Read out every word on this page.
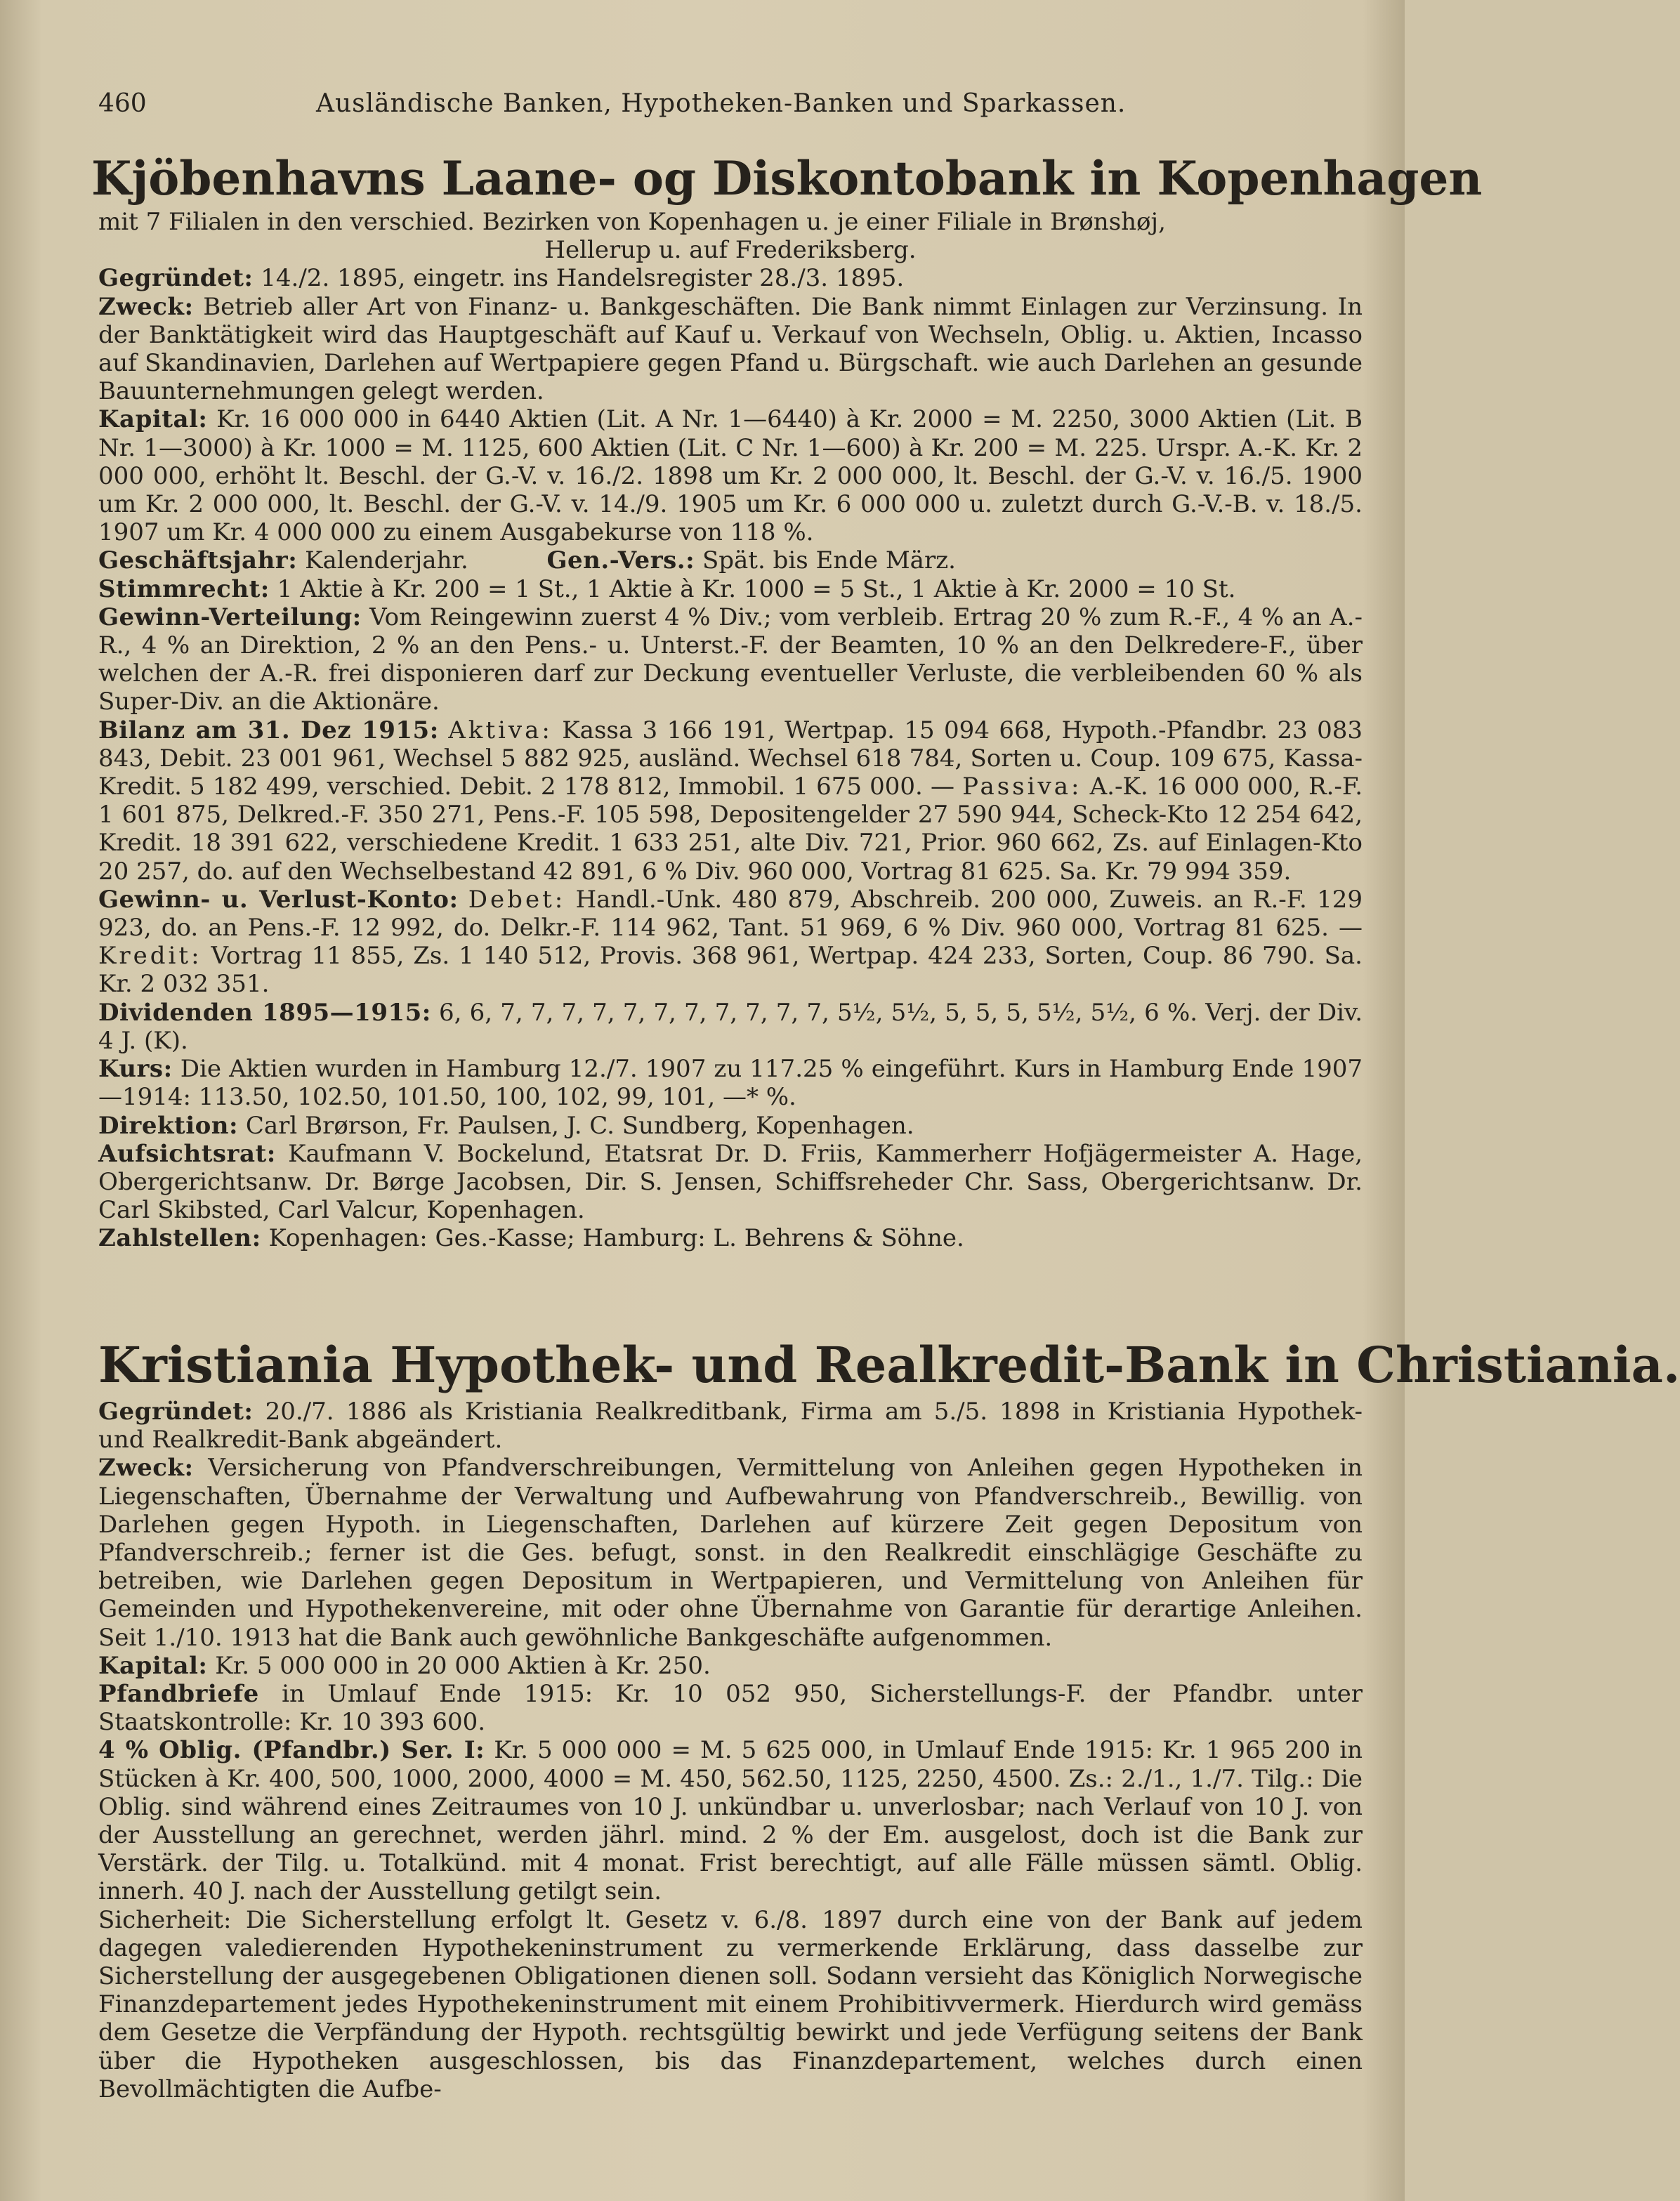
460	Ausländische Banken, Hypotheken-Banken und Sparkassen.
Kjöbenhavns Laane- og Diskontobank in Kopenhagen
mit 7 Filialen in den verschied. Bezirken von Kopenhagen u. je einer Filiale in Brønshøj,
Hellerup u. auf Frederiksberg.
Gegründet: 14./2. 1895, eingetr. ins Handelsregister 28./3. 1895.
Zweck: Betrieb aller Art von Finanz- u. Bankgeschäften. Die Bank nimmt Einlagen zur Verzinsung. In der Banktätigkeit wird das Hauptgeschäft auf Kauf u. Verkauf von Wechseln, Oblig. u. Aktien, Incasso auf Skandinavien, Darlehen auf Wertpapiere gegen Pfand u. Bürgschaft. wie auch Darlehen an gesunde Bauunternehmungen gelegt werden.
Kapital: Kr. 16 000 000 in 6440 Aktien (Lit. A Nr. 1—6440) à Kr. 2000 = M. 2250, 3000 Aktien (Lit. B Nr. 1—3000) à Kr. 1000 = M. 1125, 600 Aktien (Lit. C Nr. 1—600) à Kr. 200 = M. 225. Urspr. A.-K. Kr. 2 000 000, erhöht lt. Beschl. der G.-V. v. 16./2. 1898 um Kr. 2 000 000, lt. Beschl. der G.-V. v. 16./5. 1900 um Kr. 2 000 000, lt. Beschl. der G.-V. v. 14./9. 1905 um Kr. 6 000 000 u. zuletzt durch G.-V.-B. v. 18./5. 1907 um Kr. 4 000 000 zu einem Ausgabekurse von 118 %.
Geschäftsjahr: Kalenderjahr.	Gen.-Vers.: Spät. bis Ende März.
Stimmrecht: 1 Aktie à Kr. 200 = 1 St., 1 Aktie à Kr. 1000 = 5 St., 1 Aktie à Kr. 2000 = 10 St.
Gewinn-Verteilung: Vom Reingewinn zuerst 4 % Div.; vom verbleib. Ertrag 20 % zum R.-F., 4 % an A.-R., 4 % an Direktion, 2 % an den Pens.- u. Unterst.-F. der Beamten, 10 % an den Delkredere-F., über welchen der A.-R. frei disponieren darf zur Deckung eventueller Verluste, die verbleibenden 60 % als Super-Div. an die Aktionäre.
Bilanz am 31. Dez 1915: Aktiva: Kassa 3 166 191, Wertpap. 15 094 668, Hypoth.-Pfandbr. 23 083 843, Debit. 23 001 961, Wechsel 5 882 925, ausländ. Wechsel 618 784, Sorten u. Coup. 109 675, Kassa-Kredit. 5 182 499, verschied. Debit. 2 178 812, Immobil. 1 675 000. — Passiva: A.-K. 16 000 000, R.-F. 1 601 875, Delkred.-F. 350 271, Pens.-F. 105 598, Depositengelder 27 590 944, Scheck-Kto 12 254 642, Kredit. 18 391 622, verschiedene Kredit. 1 633 251, alte Div. 721, Prior. 960 662, Zs. auf Einlagen-Kto 20 257, do. auf den Wechselbestand 42 891, 6 % Div. 960 000, Vortrag 81 625. Sa. Kr. 79 994 359.
Gewinn- u. Verlust-Konto: Debet: Handl.-Unk. 480 879, Abschreib. 200 000, Zuweis. an R.-F. 129 923, do. an Pens.-F. 12 992, do. Delkr.-F. 114 962, Tant. 51 969, 6 % Div. 960 000, Vortrag 81 625. — Kredit: Vortrag 11 855, Zs. 1 140 512, Provis. 368 961, Wertpap. 424 233, Sorten, Coup. 86 790. Sa. Kr. 2 032 351.
Dividenden 1895—1915: 6, 6, 7, 7, 7, 7, 7, 7, 7, 7, 7, 7, 7, 5½, 5½, 5, 5, 5, 5½, 5½, 6 %. Verj. der Div. 4 J. (K).
Kurs: Die Aktien wurden in Hamburg 12./7. 1907 zu 117.25 % eingeführt. Kurs in Hamburg Ende 1907—1914: 113.50, 102.50, 101.50, 100, 102, 99, 101, —* %.
Direktion: Carl Brørson, Fr. Paulsen, J. C. Sundberg, Kopenhagen.
Aufsichtsrat: Kaufmann V. Bockelund, Etatsrat Dr. D. Friis, Kammerherr Hofjägermeister A. Hage, Obergerichtsanw. Dr. Børge Jacobsen, Dir. S. Jensen, Schiffsreheder Chr. Sass, Obergerichtsanw. Dr. Carl Skibsted, Carl Valcur, Kopenhagen.
Zahlstellen: Kopenhagen: Ges.-Kasse; Hamburg: L. Behrens & Söhne.
Kristiania Hypothek- und Realkredit-Bank in Christiania.
Gegründet: 20./7. 1886 als Kristiania Realkreditbank, Firma am 5./5. 1898 in Kristiania Hypothek- und Realkredit-Bank abgeändert.
Zweck: Versicherung von Pfandverschreibungen, Vermittelung von Anleihen gegen Hypotheken in Liegenschaften, Übernahme der Verwaltung und Aufbewahrung von Pfandverschreib., Bewillig. von Darlehen gegen Hypoth. in Liegenschaften, Darlehen auf kürzere Zeit gegen Depositum von Pfandverschreib.; ferner ist die Ges. befugt, sonst. in den Realkredit einschlägige Geschäfte zu betreiben, wie Darlehen gegen Depositum in Wertpapieren, und Vermittelung von Anleihen für Gemeinden und Hypothekenvereine, mit oder ohne Übernahme von Garantie für derartige Anleihen. Seit 1./10. 1913 hat die Bank auch gewöhnliche Bankgeschäfte aufgenommen.
Kapital: Kr. 5 000 000 in 20 000 Aktien à Kr. 250.
Pfandbriefe in Umlauf Ende 1915: Kr. 10 052 950, Sicherstellungs-F. der Pfandbr. unter Staatskontrolle: Kr. 10 393 600.
4 % Oblig. (Pfandbr.) Ser. I: Kr. 5 000 000 = M. 5 625 000, in Umlauf Ende 1915: Kr. 1 965 200 in Stücken à Kr. 400, 500, 1000, 2000, 4000 = M. 450, 562.50, 1125, 2250, 4500. Zs.: 2./1., 1./7. Tilg.: Die Oblig. sind während eines Zeitraumes von 10 J. unkündbar u. unverlosbar; nach Verlauf von 10 J. von der Ausstellung an gerechnet, werden jährl. mind. 2 % der Em. ausgelost, doch ist die Bank zur Verstärk. der Tilg. u. Totalkünd. mit 4 monat. Frist berechtigt, auf alle Fälle müssen sämtl. Oblig. innerh. 40 J. nach der Ausstellung getilgt sein.
Sicherheit: Die Sicherstellung erfolgt lt. Gesetz v. 6./8. 1897 durch eine von der Bank auf jedem dagegen valedierenden Hypothekeninstrument zu vermerkende Erklärung, dass dasselbe zur Sicherstellung der ausgegebenen Obligationen dienen soll. Sodann versieht das Königlich Norwegische Finanzdepartement jedes Hypothekeninstrument mit einem Prohibitivvermerk. Hierdurch wird gemäss dem Gesetze die Verpfändung der Hypoth. rechtsgültig bewirkt und jede Verfügung seitens der Bank über die Hypotheken ausgeschlossen, bis das Finanzdepartement, welches durch einen Bevollmächtigten die Aufbe-
